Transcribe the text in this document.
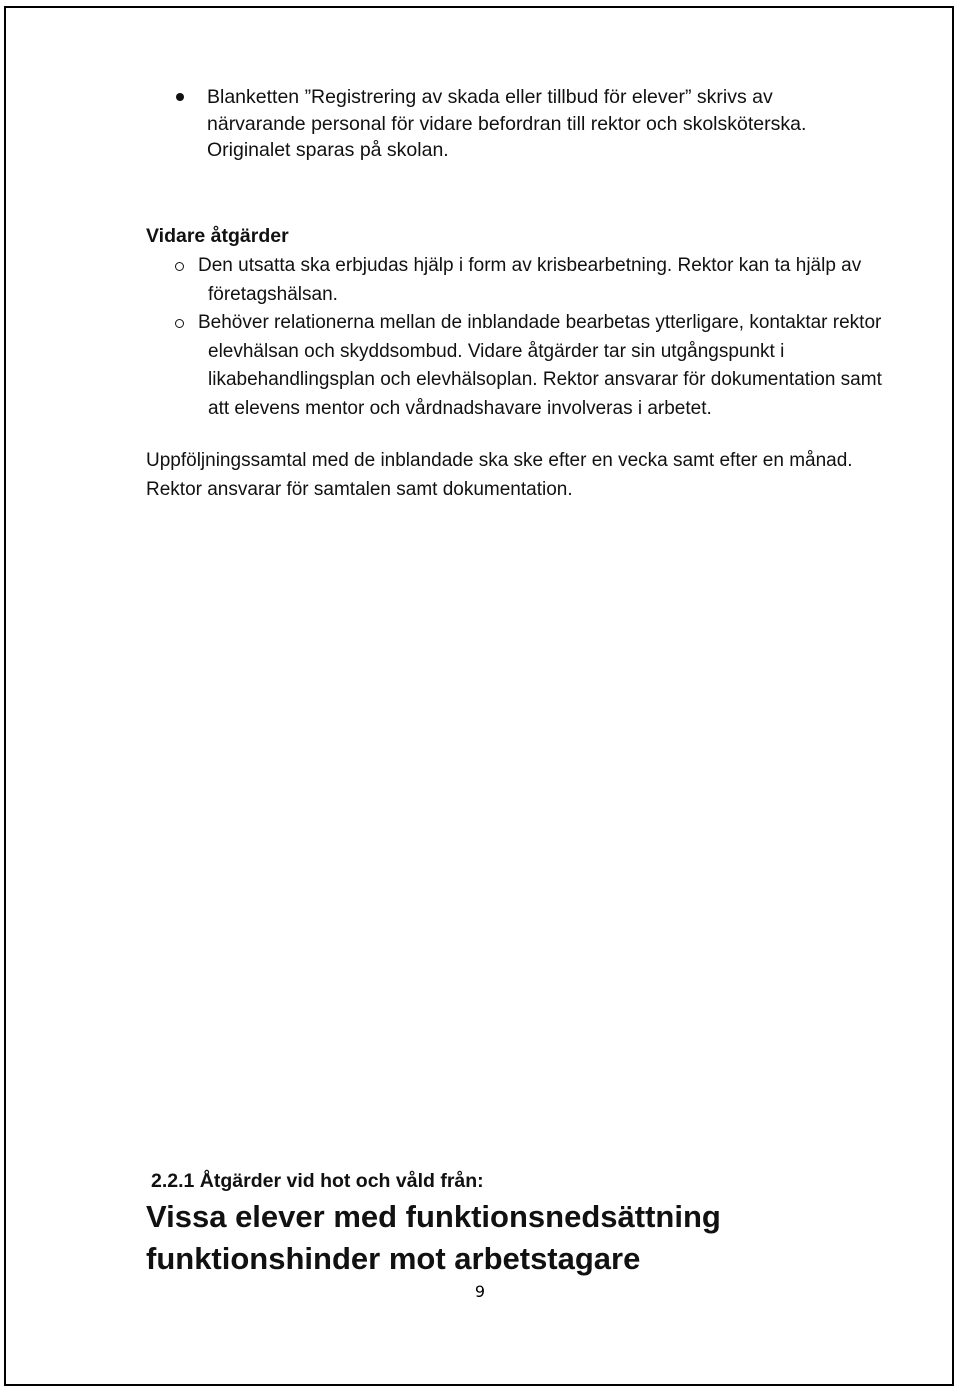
Blanketten ”Registrering av skada eller tillbud för elever” skrivs av närvarande personal för vidare befordran till rektor och skolsköterska. Originalet sparas på skolan.
Vidare åtgärder
Den utsatta ska erbjudas hjälp i form av krisbearbetning. Rektor kan ta hjälp av företagshälsan.
Behöver relationerna mellan de inblandade bearbetas ytterligare, kontaktar rektor elevhälsan och skyddsombud. Vidare åtgärder tar sin utgångspunkt i likabehandlingsplan och elevhälsoplan. Rektor ansvarar för dokumentation samt att elevens mentor och vårdnadshavare involveras i arbetet.
Uppföljningssamtal med de inblandade ska ske efter en vecka samt efter en månad. Rektor ansvarar för samtalen samt dokumentation.
2.2.1 Åtgärder vid hot och våld från:
Vissa elever med funktionsnedsättning funktionshinder mot arbetstagare
9
